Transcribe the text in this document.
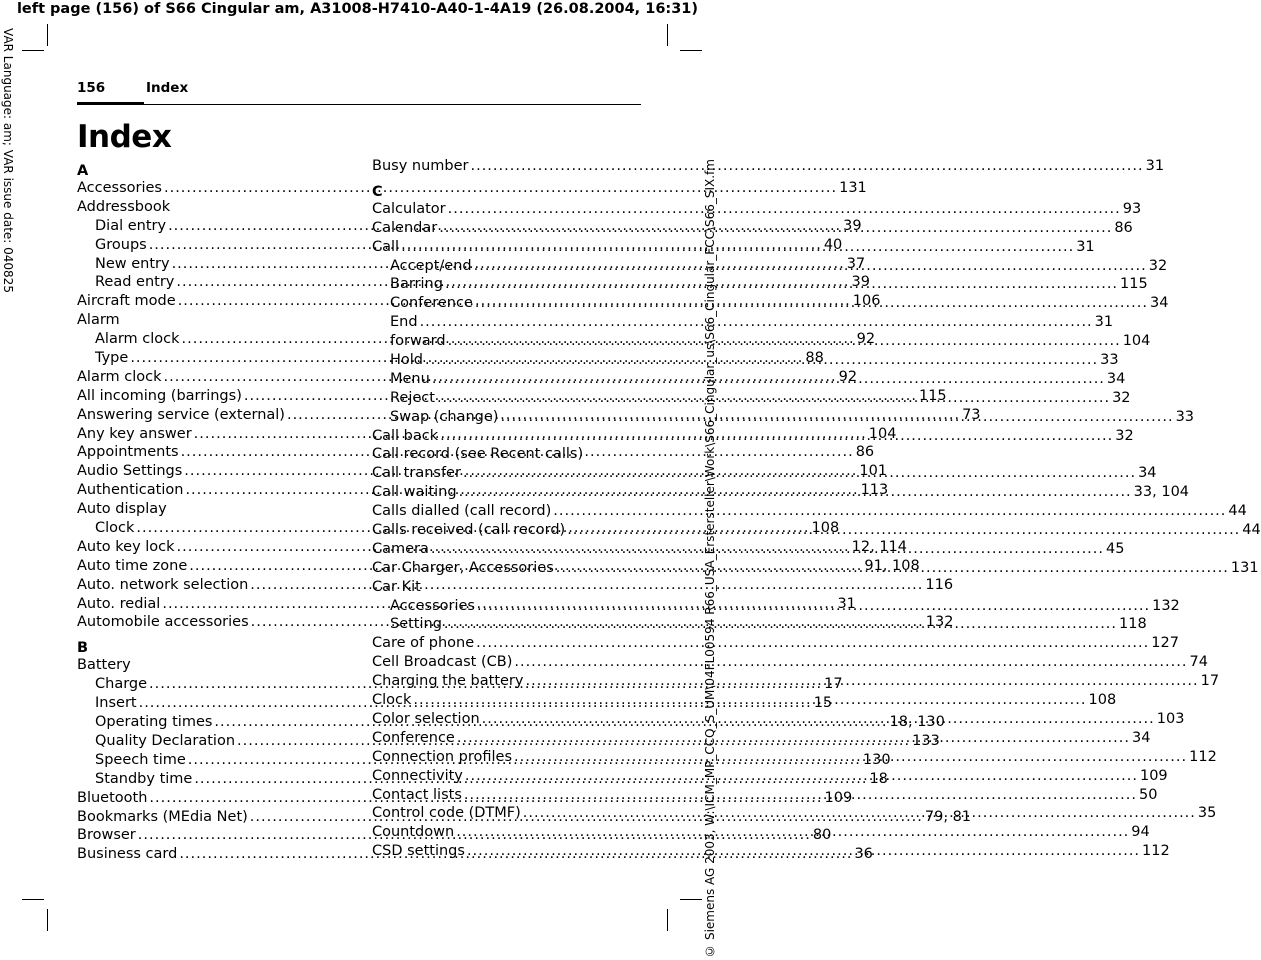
left page (156) of S66 Cingular am, A31008-H7410-A40-1-4A19 (26.08.2004, 16:31)
VAR Language: am; VAR issue date: 040825	© Siemens AG 2003, W:\ICM_MP_CCQ_S_UM\04FL00594 R66_USA_Erstersteller\Work\S66_Cingular_us\S66_Cingular_FCC\S66_SIX.fm
156	Index
Index
A
Accessories .....	131
Addressbook
Dial entry .....	39
Groups .....	40
New entry .....	37
Read entry .....	39
Aircraft mode .....	106
Alarm
Alarm clock .....	92
Type .....	88
Alarm clock .....	92
All incoming (barrings) .....	115
Answering service (external) .....	73
Any key answer .....	104
Appointments .....	86
Audio Settings .....	101
Authentication .....	113
Auto display
Clock .....	108
Auto key lock .....	12, 114
Auto time zone .....	91, 108
Auto. network selection .....	116
Auto. redial .....	31
Automobile accessories .....	132
B
Battery
Charge .....	17
Insert .....	15
Operating times .....	18, 130
Quality Declaration .....	133
Speech time .....	130
Standby time .....	18
Bluetooth .....	109
Bookmarks (MEdia Net) .....	79, 81
Browser .....	80
Business card .....	36
Busy number .....	31
C
Calculator .....	93
Calendar .....	86
Call .....	31
Accept/end .....	32
Barring .....	115
Conference .....	34
End .....	31
forward .....	104
Hold .....	33
Menu .....	34
Reject .....	32
Swap (change) .....	33
Call back .....	32
Call record (see Recent calls)
Call transfer .....	34
Call waiting .....	33, 104
Calls dialled (call record) .....	44
Calls received (call record) .....	44
Camera .....	45
Car Charger, Accessories .....	131
Car Kit
Accessories .....	132
Setting .....	118
Care of phone .....	127
Cell Broadcast (CB) .....	74
Charging the battery .....	17
Clock .....	108
Color selection .....	103
Conference .....	34
Connection profiles .....	112
Connectivity .....	109
Contact lists .....	50
Control code (DTMF) .....	35
Countdown .....	94
CSD settings .....	112
